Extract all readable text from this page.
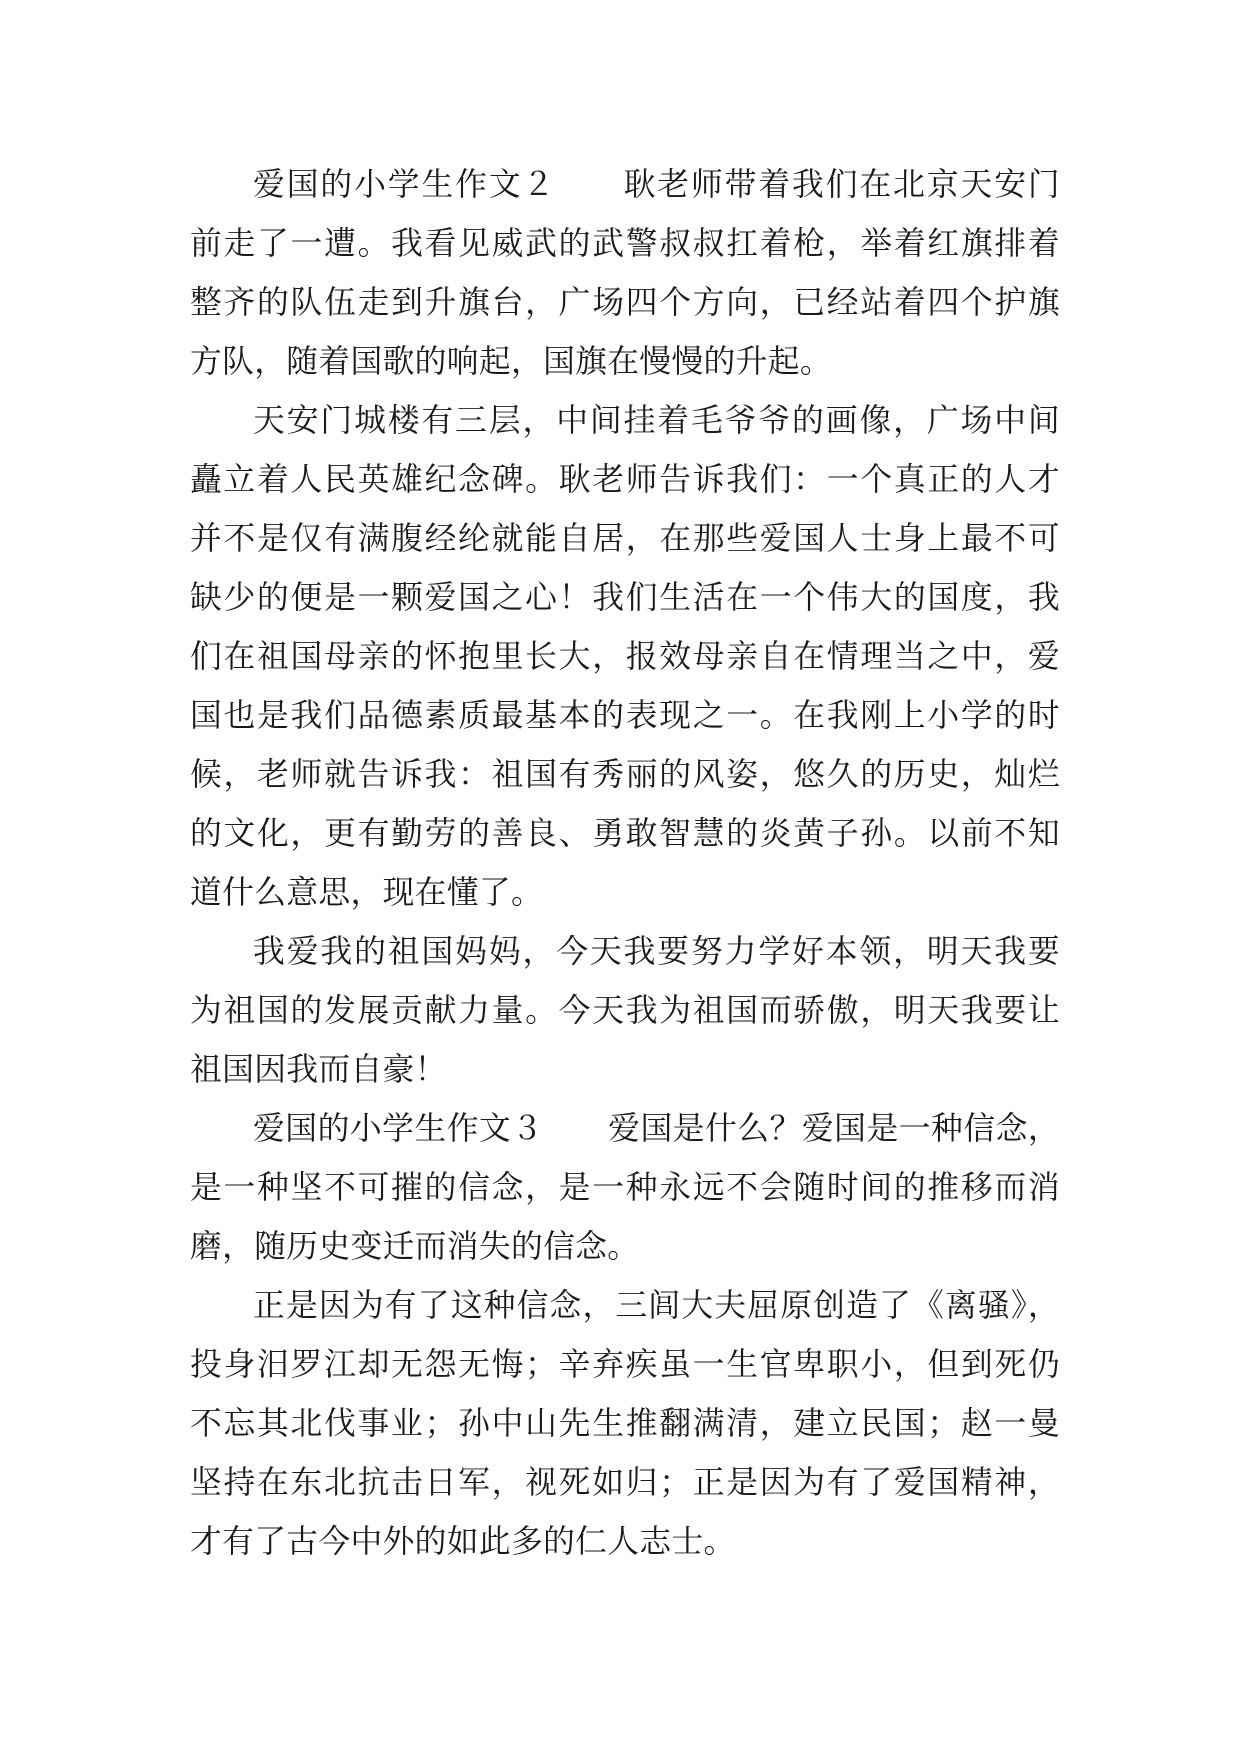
爱国的小学生作文２　　耿老师带着我们在北京天安门
前走了一遭。我看见威武的武警叔叔扛着枪，举着红旗排着
整齐的队伍走到升旗台，广场四个方向，已经站着四个护旗
方队，随着国歌的响起，国旗在慢慢的升起。
天安门城楼有三层，中间挂着毛爷爷的画像，广场中间
矗立着人民英雄纪念碑。耿老师告诉我们：一个真正的人才
并不是仅有满腹经纶就能自居，在那些爱国人士身上最不可
缺少的便是一颗爱国之心！我们生活在一个伟大的国度，我
们在祖国母亲的怀抱里长大，报效母亲自在情理当之中，爱
国也是我们品德素质最基本的表现之一。在我刚上小学的时
候，老师就告诉我：祖国有秀丽的风姿，悠久的历史，灿烂
的文化，更有勤劳的善良、勇敢智慧的炎黄子孙。以前不知
道什么意思，现在懂了。
我爱我的祖国妈妈，今天我要努力学好本领，明天我要
为祖国的发展贡献力量。今天我为祖国而骄傲，明天我要让
祖国因我而自豪！
爱国的小学生作文３　　爱国是什么？爱国是一种信念，
是一种坚不可摧的信念，是一种永远不会随时间的推移而消
磨，随历史变迁而消失的信念。
正是因为有了这种信念，三闾大夫屈原创造了《离骚》，
投身汨罗江却无怨无悔；辛弃疾虽一生官卑职小，但到死仍
不忘其北伐事业；孙中山先生推翻满清，建立民国；赵一曼
坚持在东北抗击日军，视死如归；正是因为有了爱国精神，
才有了古今中外的如此多的仁人志士。
